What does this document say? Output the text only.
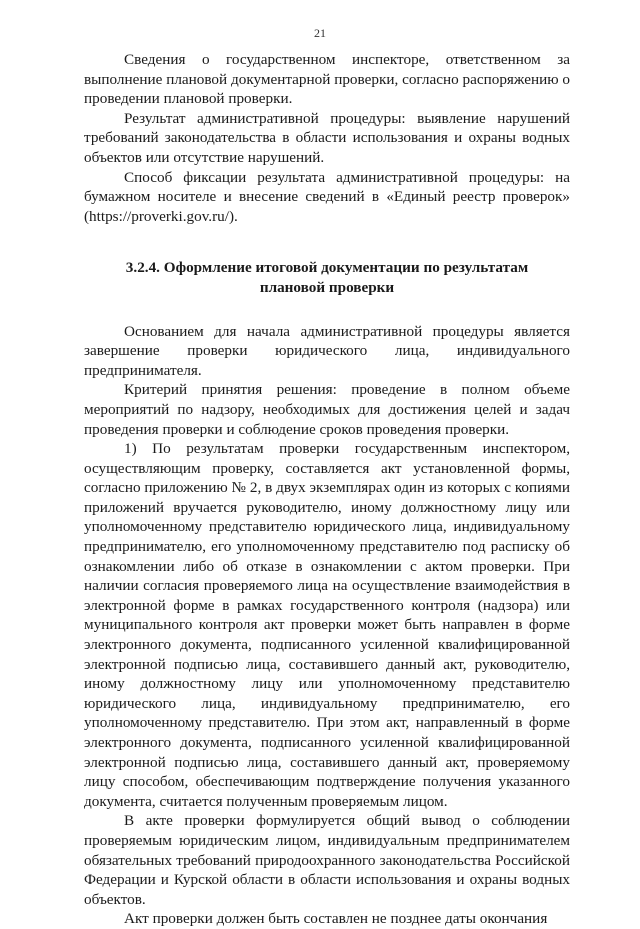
21

Сведения о государственном инспекторе, ответственном за выполнение плановой документарной проверки, согласно распоряжению о проведении плановой проверки.

Результат административной процедуры: выявление нарушений требований законодательства в области использования и охраны водных объектов или отсутствие нарушений.

Способ фиксации результата административной процедуры: на бумажном носителе и внесение сведений в «Единый реестр проверок» (https://proverki.gov.ru/).

3.2.4. Оформление итоговой документации по результатам плановой проверки

Основанием для начала административной процедуры является завершение проверки юридического лица, индивидуального предпринимателя.

Критерий принятия решения: проведение в полном объеме мероприятий по надзору, необходимых для достижения целей и задач проведения проверки и соблюдение сроков проведения проверки.

1) По результатам проверки государственным инспектором, осуществляющим проверку, составляется акт установленной формы, согласно приложению № 2, в двух экземплярах один из которых с копиями приложений вручается руководителю, иному должностному лицу или уполномоченному представителю юридического лица, индивидуальному предпринимателю, его уполномоченному представителю под расписку об ознакомлении либо об отказе в ознакомлении с актом проверки. При наличии согласия проверяемого лица на осуществление взаимодействия в электронной форме в рамках государственного контроля (надзора) или муниципального контроля акт проверки может быть направлен в форме электронного документа, подписанного усиленной квалифицированной электронной подписью лица, составившего данный акт, руководителю, иному должностному лицу или уполномоченному представителю юридического лица, индивидуальному предпринимателю, его уполномоченному представителю. При этом акт, направленный в форме электронного документа, подписанного усиленной квалифицированной электронной подписью лица, составившего данный акт, проверяемому лицу способом, обеспечивающим подтверждение получения указанного документа, считается полученным проверяемым лицом.

В акте проверки формулируется общий вывод о соблюдении проверяемым юридическим лицом, индивидуальным предпринимателем обязательных требований природоохранного законодательства Российской Федерации и Курской области в области использования и охраны водных объектов.

Акт проверки должен быть составлен не позднее даты окончания
